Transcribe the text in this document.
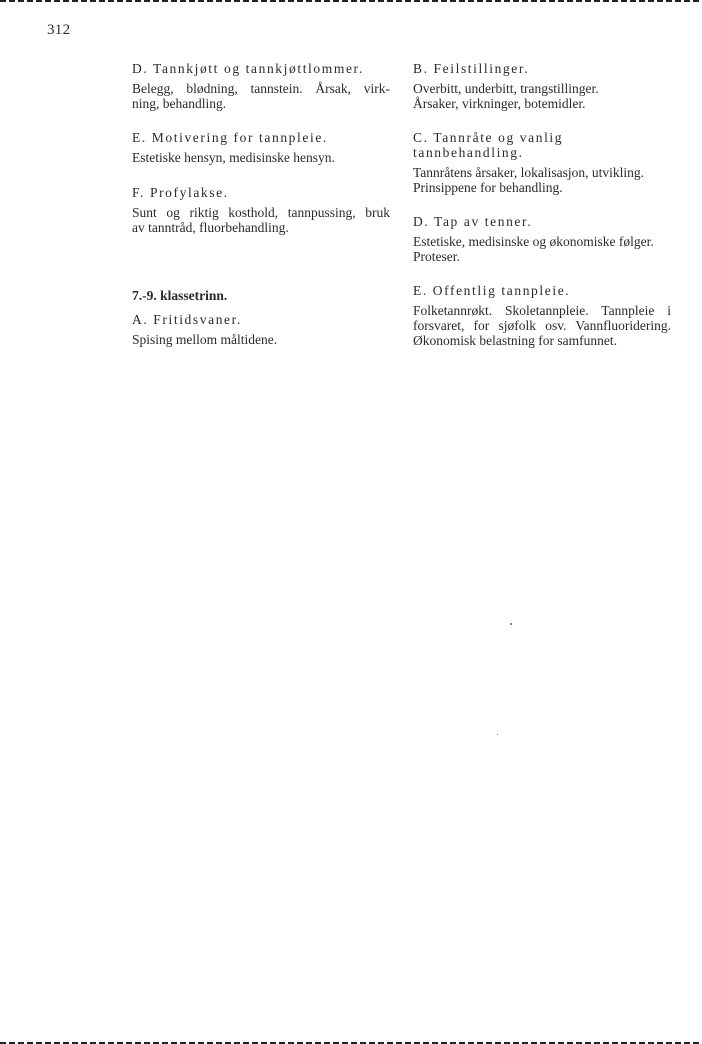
312

D. Tannkjøtt og tannkjøttlommer.

Belegg, blødning, tannstein. Årsak, virk-

ning, behandling.

E. Motivering for tannpleie.

Estetiske hensyn, medisinske hensyn.

F. Profylakse.

Sunt og riktig kosthold, tannpussing, bruk

av tanntråd, fluorbehandling.

7.-9. klassetrinn.

A. Fritidsvaner.

Spising mellom måltidene.

B. Feilstillinger.

Overbitt, underbitt, trangstillinger.

Årsaker, virkninger, botemidler.

C. Tannråte og vanlig

tannbehandling.

Tannråtens årsaker, lokalisasjon, utvikling.

Prinsippene for behandling.

D. Tap av tenner.

Estetiske, medisinske og økonomiske følger.

Proteser.

E. Offentlig tannpleie.

Folketannrøkt. Skoletannpleie. Tannpleie i

forsvaret, for sjøfolk osv. Vannfluoridering.

Økonomisk belastning for samfunnet.
